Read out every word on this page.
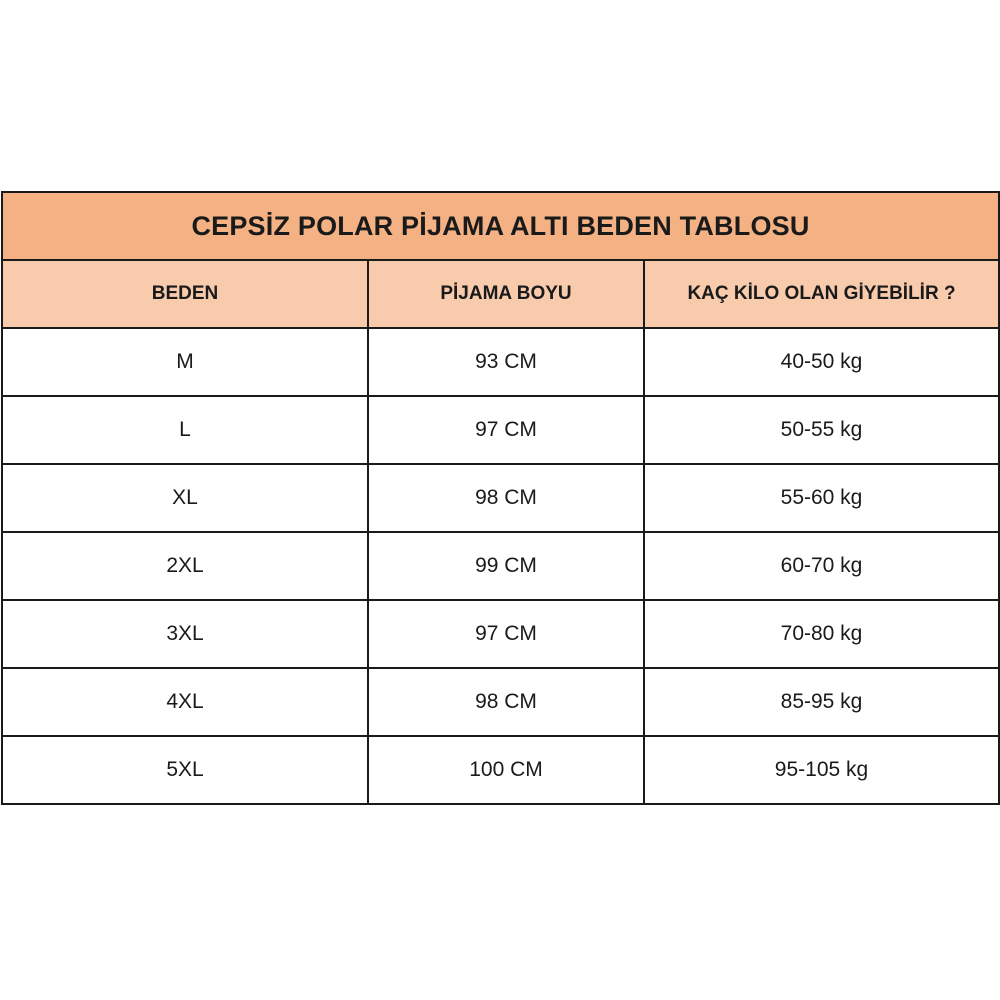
CEPSİZ POLAR PİJAMA ALTI BEDEN TABLOSU		
BEDEN	PİJAMA BOYU	KAÇ KİLO OLAN GİYEBİLİR ?
M	93 CM	40-50 kg
L	97 CM	50-55 kg
XL	98 CM	55-60 kg
2XL	99 CM	60-70 kg
3XL	97 CM	70-80 kg
4XL	98 CM	85-95 kg
5XL	100 CM	95-105 kg
